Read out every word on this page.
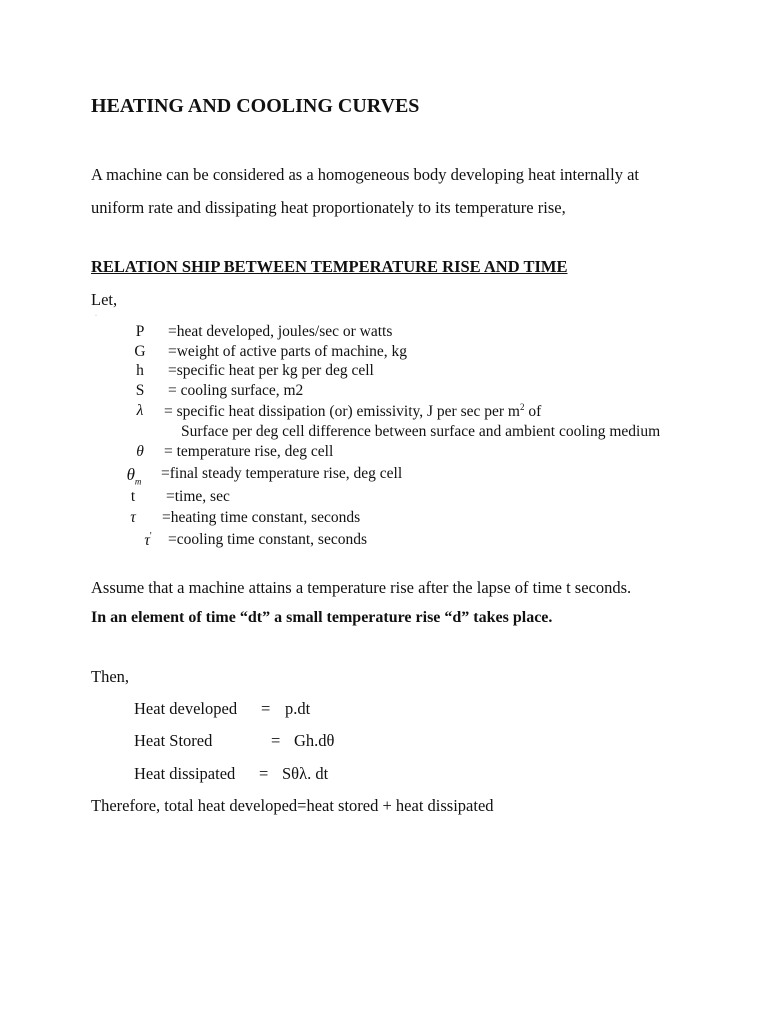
HEATING AND COOLING CURVES
A machine can be considered as a homogeneous body developing heat internally at
uniform rate and dissipating heat proportionately to its temperature rise,
RELATION SHIP BETWEEN TEMPERATURE RISE AND TIME
Let,
·
P	=heat developed, joules/sec or watts
G	=weight of active parts of machine, kg
h	=specific heat per kg per deg cell
S	= cooling surface, m2
λ	= specific heat dissipation (or) emissivity, J per sec per $m^2$ of
Surface per deg cell difference between surface and ambient cooling medium
θ	= temperature rise, deg cell
$\theta_m$	=final steady temperature rise, deg cell
t	=time, sec
τ	=heating time constant, seconds
τ'	=cooling time constant, seconds
Assume that a machine attains a temperature rise after the lapse of time t seconds.
In an element of time “dt” a small temperature rise “d” takes place.
Then,
Heat developed = p.dt
Heat Stored	= Gh.dθ
Heat dissipated = Sθλ. dt
Therefore, total heat developed=heat stored + heat dissipated
